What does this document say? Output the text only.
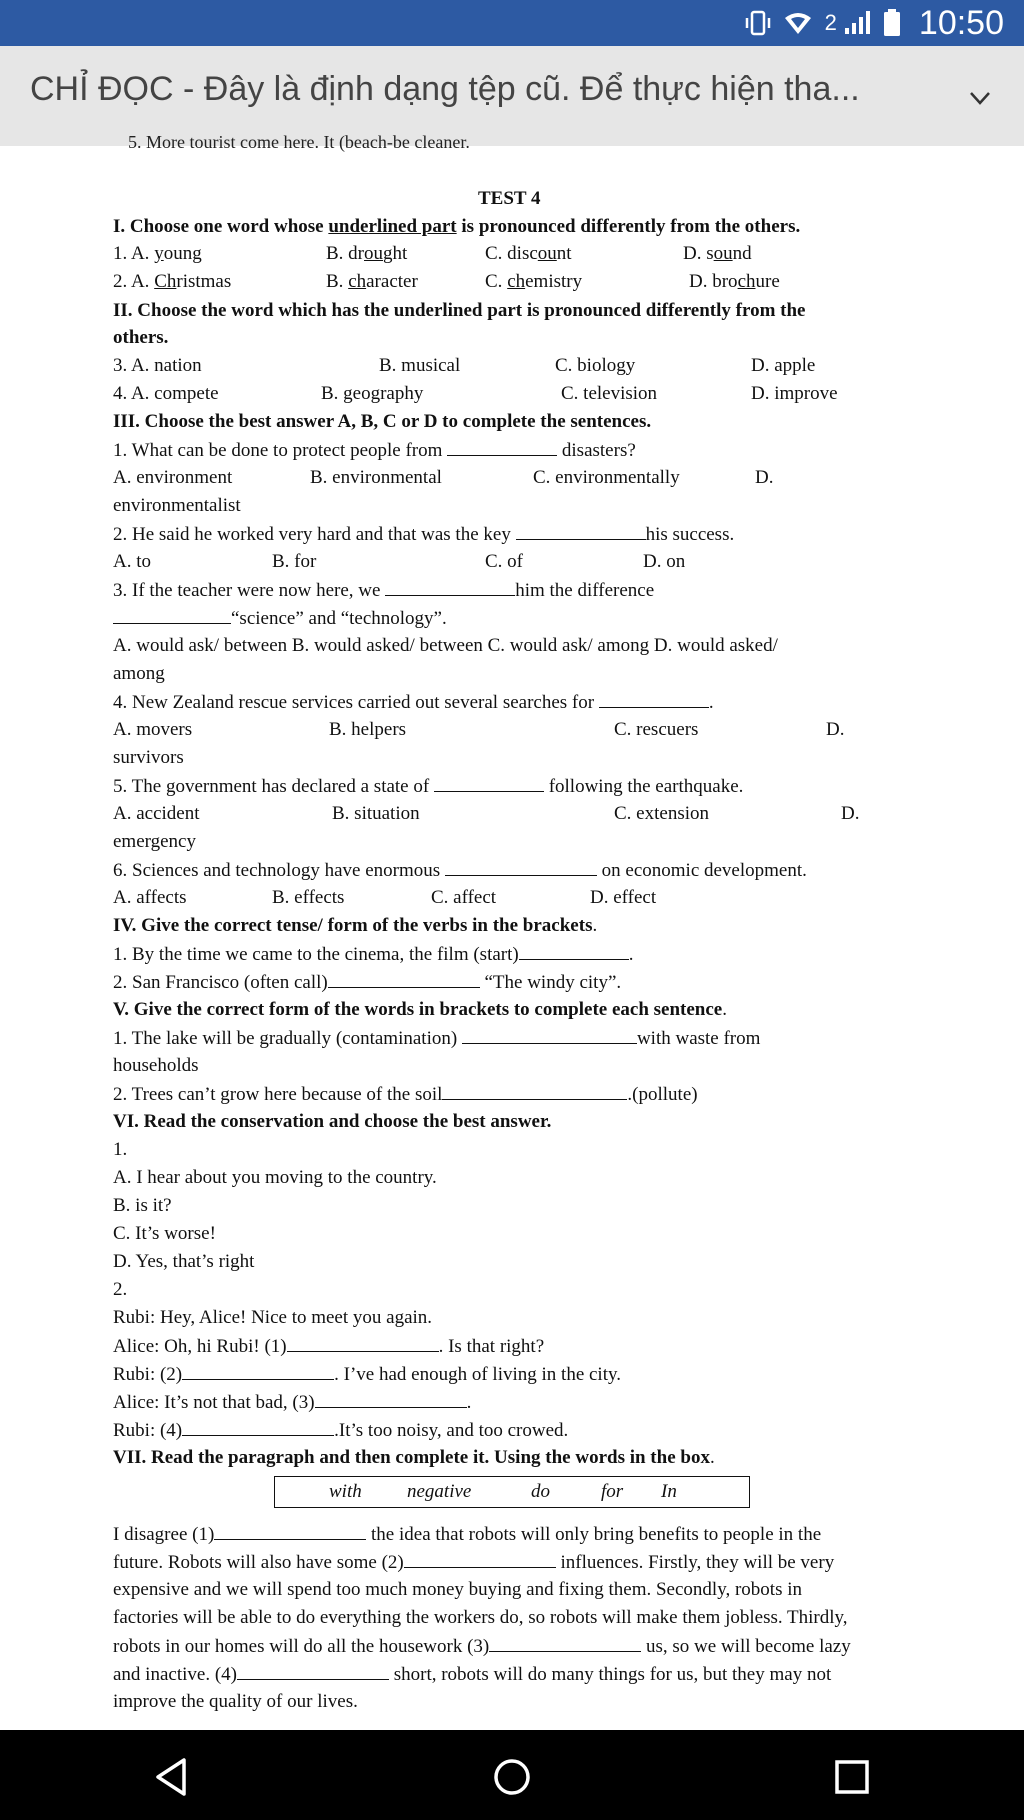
2 10:50
CHỈ ĐỌC - Đây là định dạng tệp cũ. Để thực hiện tha...
5. More tourist come here. It (beach-be cleaner.
TEST 4
I. Choose one word whose underlined part is pronounced differently from the others.
1. A. young	B. drought	C. discount	D. sound
2. A. Christmas	B. character	C. chemistry	D. brochure
II. Choose the word which has the underlined part is pronounced differently from the
others.
3. A. nation	B. musical	C. biology	D. apple
4. A. compete	B. geography	C. television	D. improve
III. Choose the best answer A, B, C or D to complete the sentences.
1. What can be done to protect people from	disasters?
A. environment	B. environmental	C. environmentally	D.
environmentalist
2. He said he worked very hard and that was the key	his success.
A. to	B. for	C. of	D. on
3. If the teacher were now here, we	him the difference
“science” and “technology”.
A. would ask/ between B. would asked/ between C. would ask/ among D. would asked/
among
4. New Zealand rescue services carried out several searches for	.
A. movers	B. helpers	C. rescuers	D.
survivors
5. The government has declared a state of	following the earthquake.
A. accident	B. situation	C. extension	D.
emergency
6. Sciences and technology have enormous	on economic development.
A. affects	B. effects	C. affect	D. effect
IV. Give the correct tense/ form of the verbs in the brackets.
1. By the time we came to the cinema, the film (start)	.
2. San Francisco (often call)	“The windy city”.
V. Give the correct form of the words in brackets to complete each sentence.
1. The lake will be gradually (contamination)	with waste from
households
2. Trees can’t grow here because of the soil	.(pollute)
VI. Read the conservation and choose the best answer.
1.
A. I hear about you moving to the country.
B. is it?
C. It’s worse!
D. Yes, that’s right
2.
Rubi: Hey, Alice! Nice to meet you again.
Alice: Oh, hi Rubi! (1)	. Is that right?
Rubi: (2)	. I’ve had enough of living in the city.
Alice: It’s not that bad, (3)	.
Rubi: (4)	.It’s too noisy, and too crowed.
VII. Read the paragraph and then complete it. Using the words in the box.
with negative	do	for In
I disagree (1)	the idea that robots will only bring benefits to people in the
future. Robots will also have some (2)	influences. Firstly, they will be very
expensive and we will spend too much money buying and fixing them. Secondly, robots in
factories will be able to do everything the workers do, so robots will make them jobless. Thirdly,
robots in our homes will do all the housework (3)	us, so we will become lazy
and inactive. (4)	short, robots will do many things for us, but they may not
improve the quality of our lives.
